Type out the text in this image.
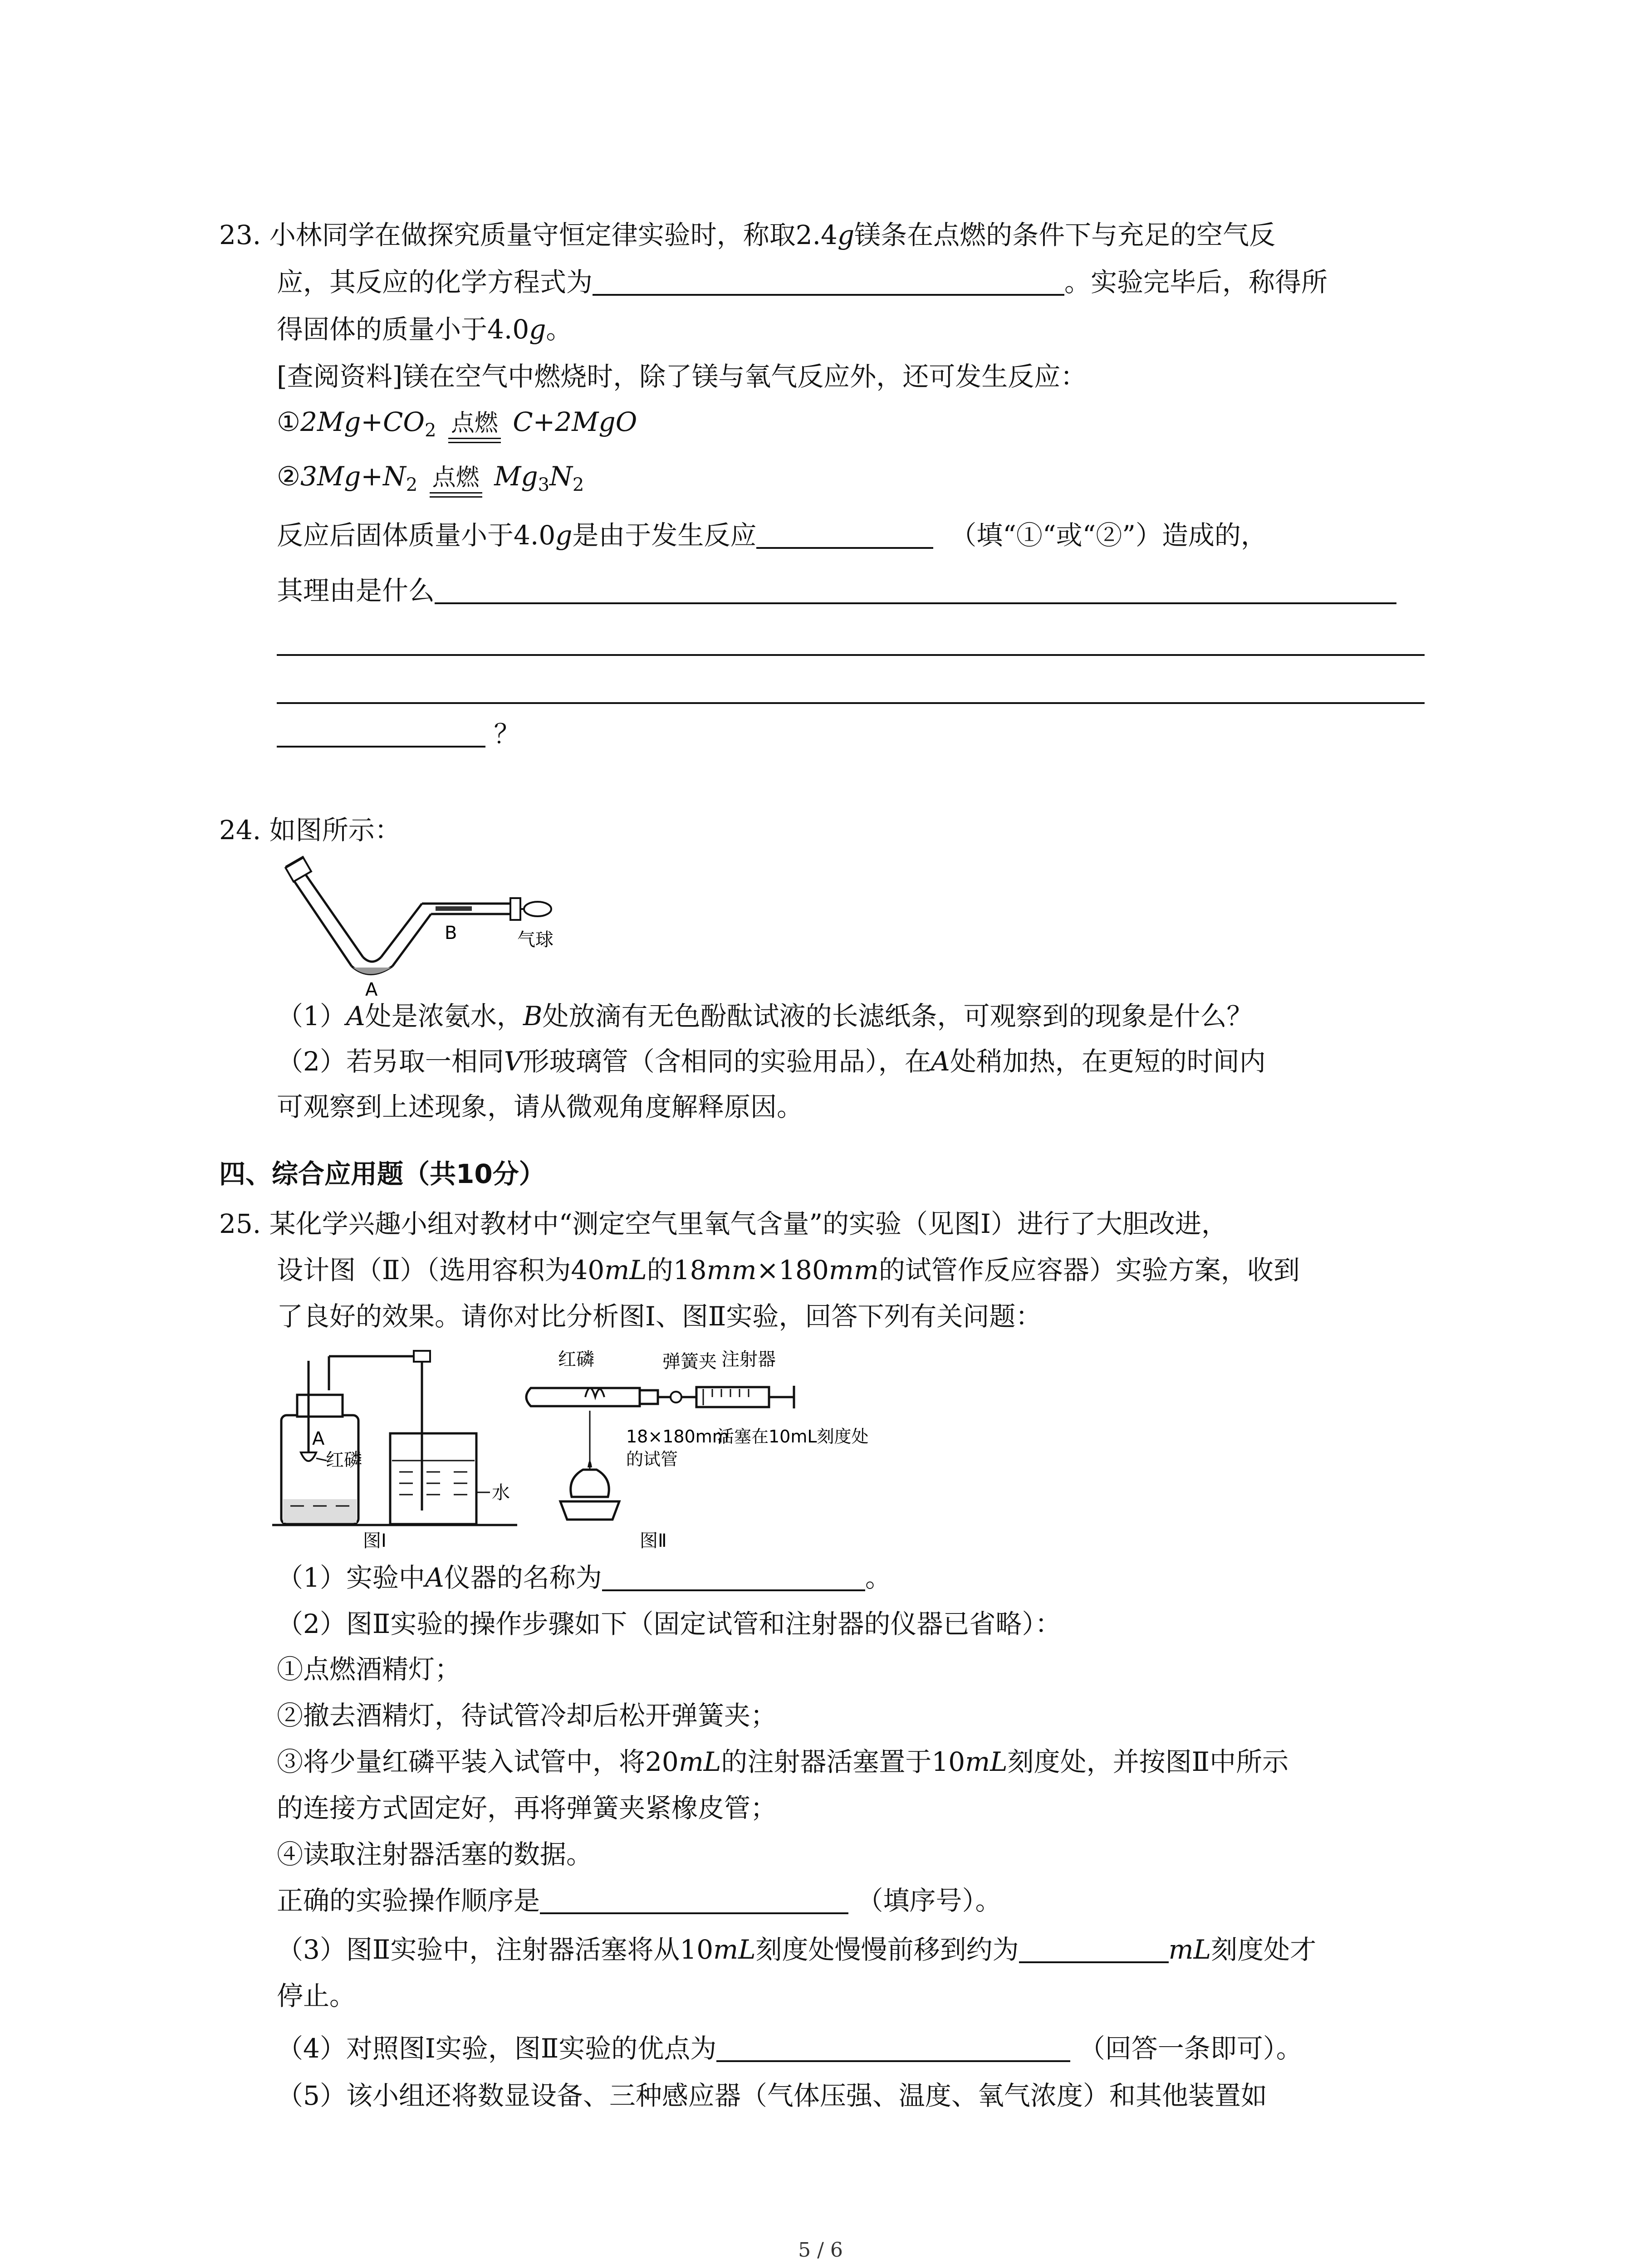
23. 小林同学在做探究质量守恒定律实验时，称取2.4g镁条在点燃的条件下与充足的空气反
应，其反应的化学方程式为	。实验完毕后，称得所
得固体的质量小于4.0g。
[查阅资料]镁在空气中燃烧时，除了镁与氧气反应外，还可发生反应：
$①2Mg+CO_2$ 点燃 C+2MgO
$②3Mg+N_2$ 点燃 $Mg_3N_2$
反应后固体质量小于4.0g是由于发生反应	（填“①“或“②”）造成的，
其理由是什么
？
24. 如图所示：
A
B	气球
（1）A处是浓氨水，B处放滴有无色酚酞试液的长滤纸条，可观察到的现象是什么？
（2）若另取一相同V形玻璃管（含相同的实验用品），在A处稍加热，在更短的时间内
可观察到上述现象，请从微观角度解释原因。
四、综合应用题（共10分）
25. 某化学兴趣小组对教材中“测定空气里氧气含量”的实验（见图Ⅰ）进行了大胆改进，
设计图（Ⅱ）（选用容积为40mL的18mm×180mm的试管作反应容器）实验方案，收到
了良好的效果。请你对比分析图Ⅰ、图Ⅱ实验，回答下列有关问题：
A
红磷
水
图Ⅰ
红磷	弹簧夹 注射器
18×180mm
的试管
活塞在10mL刻度处
图Ⅱ
（1）实验中A仪器的名称为	。
（2）图Ⅱ实验的操作步骤如下（固定试管和注射器的仪器已省略）：
①点燃酒精灯；
②撤去酒精灯，待试管冷却后松开弹簧夹；
③将少量红磷平装入试管中，将20mL的注射器活塞置于10mL刻度处，并按图Ⅱ中所示
的连接方式固定好，再将弹簧夹紧橡皮管；
④读取注射器活塞的数据。
正确的实验操作顺序是	（填序号）。
（3）图Ⅱ实验中，注射器活塞将从10mL刻度处慢慢前移到约为	mL刻度处才
停止。
（4）对照图Ⅰ实验，图Ⅱ实验的优点为	（回答一条即可）。
（5）该小组还将数显设备、三种感应器（气体压强、温度、氧气浓度）和其他装置如
5 / 6
